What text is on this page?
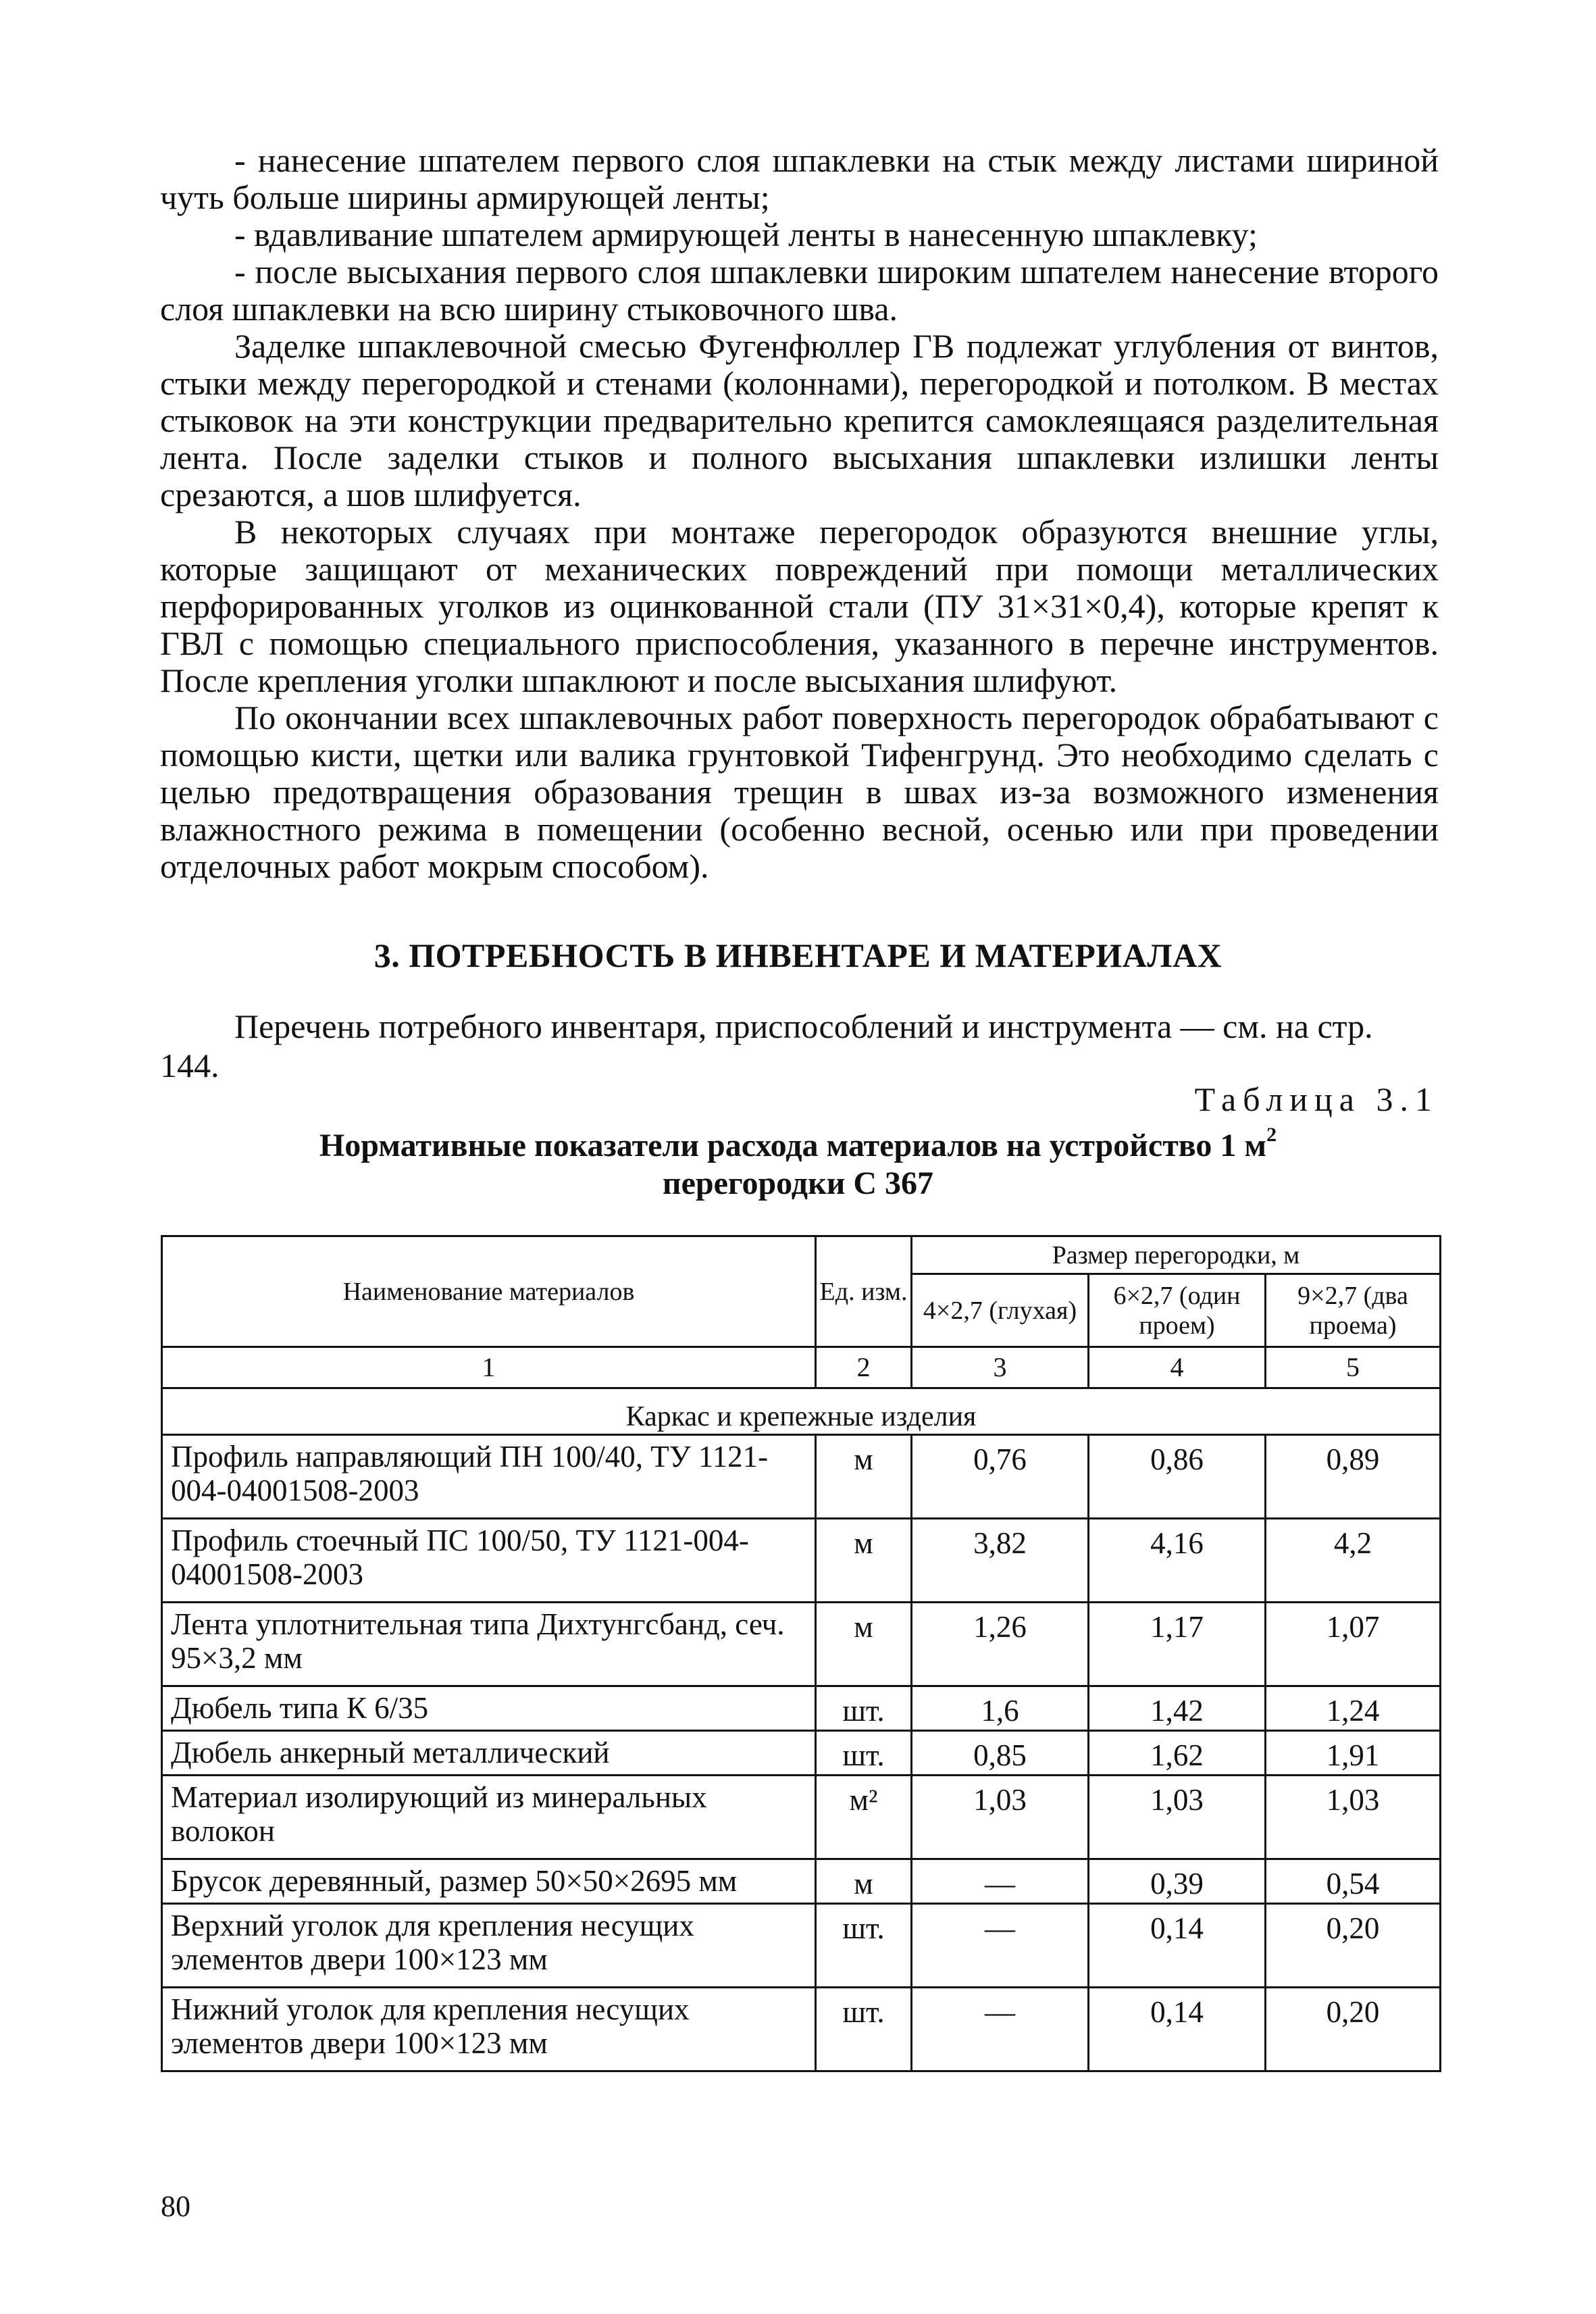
- нанесение шпателем первого слоя шпаклевки на стык между листами шириной чуть больше ширины армирующей ленты;

- вдавливание шпателем армирующей ленты в нанесенную шпаклевку;

- после высыхания первого слоя шпаклевки широким шпателем нанесение второго слоя шпаклевки на всю ширину стыковочного шва.

Заделке шпаклевочной смесью Фугенфюллер ГВ подлежат углубления от винтов, стыки между перегородкой и стенами (колоннами), перегородкой и потолком. В местах стыковок на эти конструкции предварительно крепится самоклеящаяся разделительная лента. После заделки стыков и полного высыхания шпаклевки излишки ленты срезаются, а шов шлифуется.

В некоторых случаях при монтаже перегородок образуются внешние углы, которые защищают от механических повреждений при помощи металлических перфорированных уголков из оцинкованной стали (ПУ 31×31×0,4), которые крепят к ГВЛ с помощью специального приспособления, указанного в перечне инструментов. После крепления уголки шпаклюют и после высыхания шлифуют.

По окончании всех шпаклевочных работ поверхность перегородок обрабатывают с помощью кисти, щетки или валика грунтовкой Тифенгрунд. Это необходимо сделать с целью предотвращения образования трещин в швах из-за возможного изменения влажностного режима в помещении (особенно весной, осенью или при проведении отделочных работ мокрым способом).

3. ПОТРЕБНОСТЬ В ИНВЕНТАРЕ И МАТЕРИАЛАХ
Перечень потребного инвентаря, приспособлений и инструмента — см. на стр. 144.
Таблица 3.1
Нормативные показатели расхода материалов на устройство 1 $м^2$
перегородки С 367
Наименование материалов	Ед. изм.	Размер перегородки, м		
		4×2,7 (глухая)	6×2,7 (один проем)	9×2,7 (два проема)
1	2	3	4	5
Каркас и крепежные изделия				
Профиль направляющий ПН 100/40, ТУ 1121-004-04001508-2003	м	0,76	0,86	0,89
Профиль стоечный ПС 100/50, ТУ 1121-004-04001508-2003	м	3,82	4,16	4,2
Лента уплотнительная типа Дихтунгсбанд, сеч. 95×3,2 мм	м	1,26	1,17	1,07
Дюбель типа К 6/35	шт.	1,6	1,42	1,24
Дюбель анкерный металлический	шт.	0,85	1,62	1,91
Материал изолирующий из минеральных волокон	м²	1,03	1,03	1,03
Брусок деревянный, размер 50×50×2695 мм	м	—	0,39	0,54
Верхний уголок для крепления несущих элементов двери 100×123 мм	шт.	—	0,14	0,20
Нижний уголок для крепления несущих элементов двери 100×123 мм	шт.	—	0,14	0,20
80
